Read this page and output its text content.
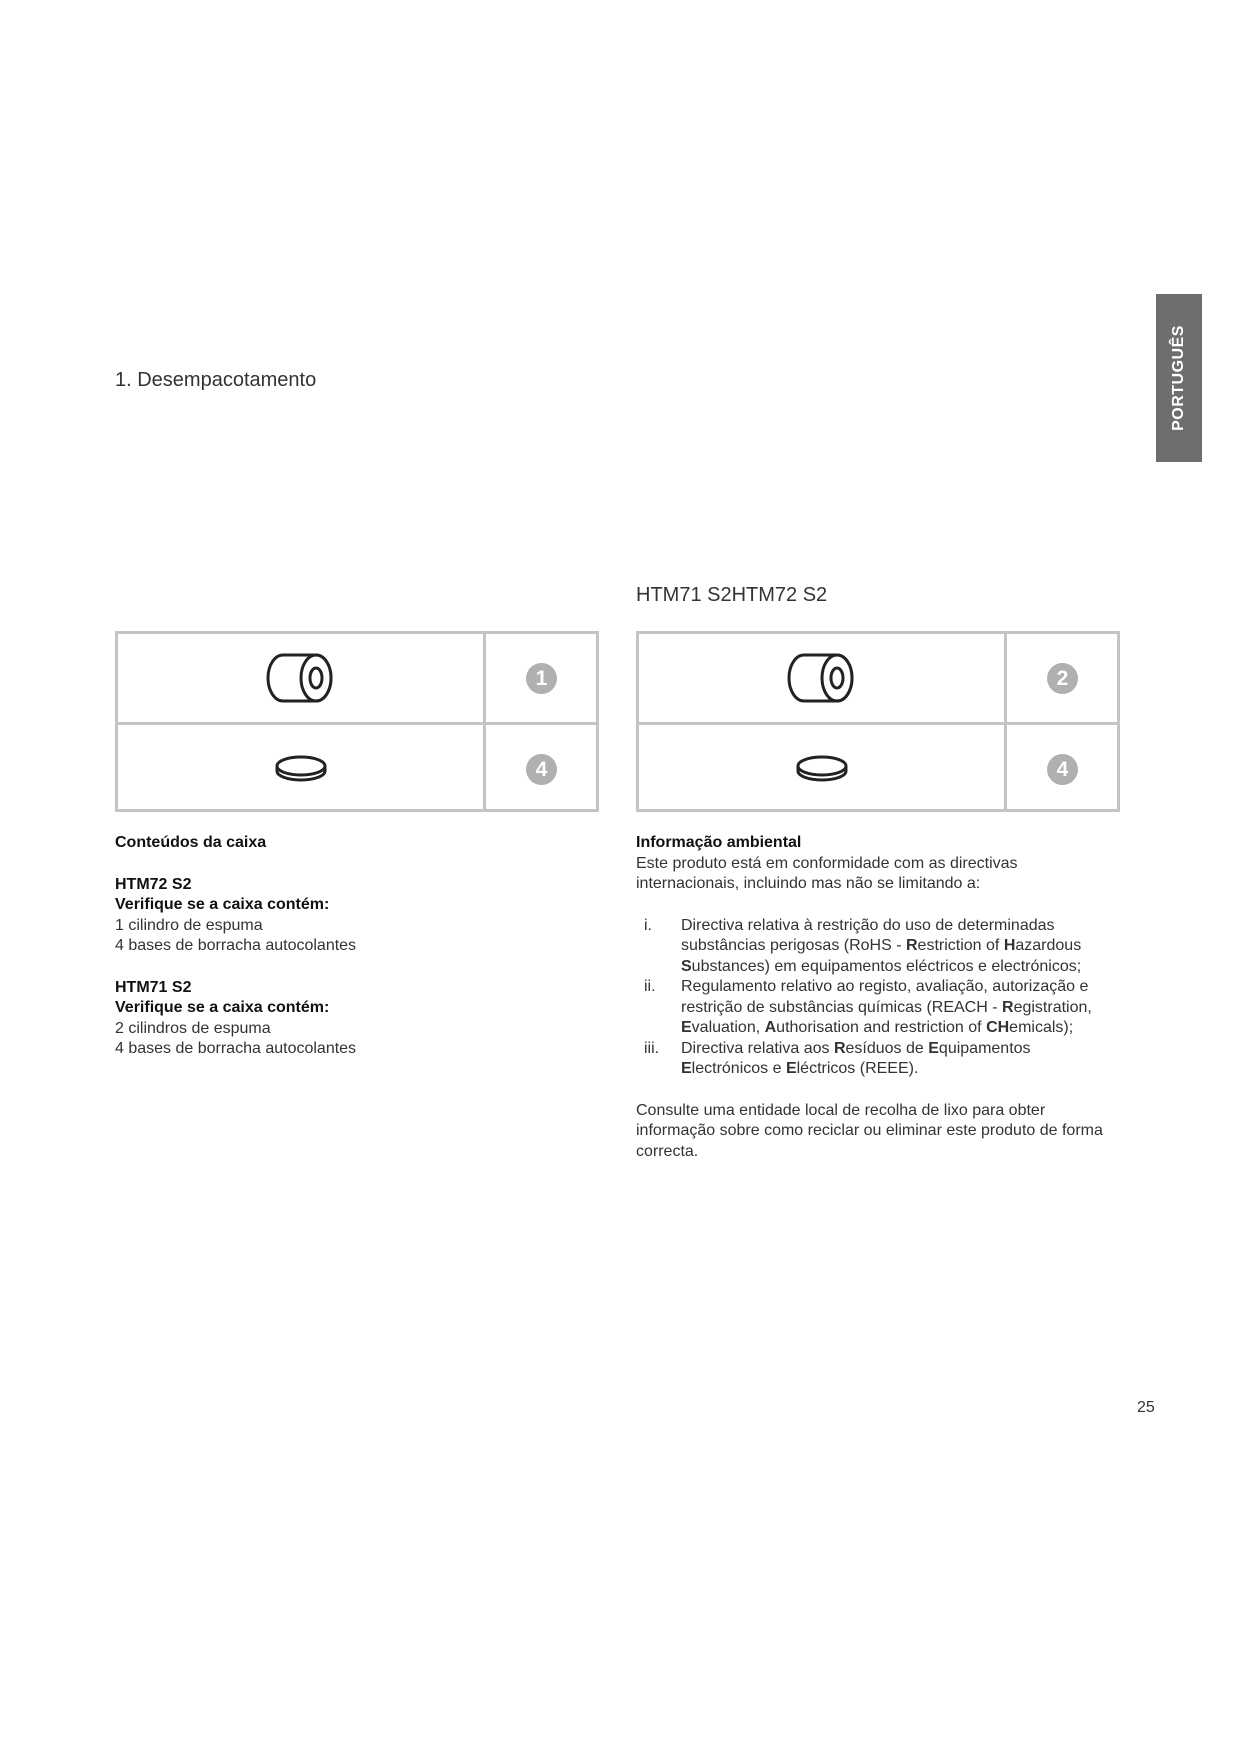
PORTUGUÊS
1. Desempacotamento
HTM71 S2HTM72 S2
1
4
2
4

Conteúdos da caixa

HTM72 S2

Verifique se a caixa contém:

1 cilindro de espuma

4 bases de borracha autocolantes

HTM71 S2

Verifique se a caixa contém:

2 cilindros de espuma

4 bases de borracha autocolantes

Informação ambiental

Este produto está em conformidade com as directivas internacionais, incluindo mas não se limitando a:

i. Directiva relativa à restrição do uso de determinadas substâncias perigosas (RoHS - Restriction of Hazardous Substances) em equipamentos eléctricos e electrónicos;
ii. Regulamento relativo ao registo, avaliação, autorização e restrição de substâncias químicas (REACH - Registration, Evaluation, Authorisation and restriction of CHemicals);
iii. Directiva relativa aos Resíduos de Equipamentos Electrónicos e Eléctricos (REEE).

Consulte uma entidade local de recolha de lixo para obter informação sobre como reciclar ou eliminar este produto de forma correcta.

25
